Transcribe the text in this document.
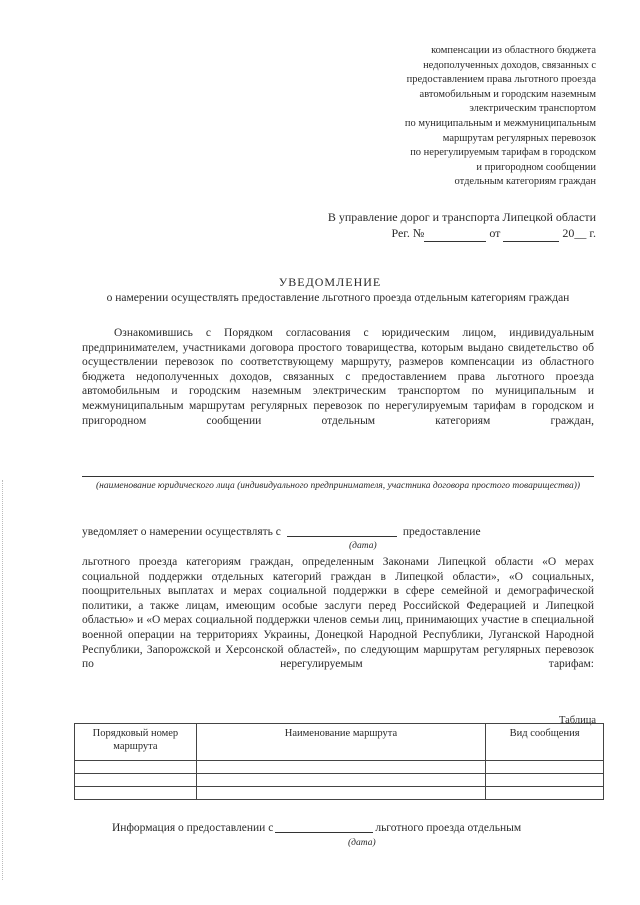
компенсации из областного бюджета
недополученных доходов, связанных с
предоставлением права льготного проезда
автомобильным и городским наземным
электрическим транспортом
по муниципальным и межмуниципальным
маршрутам регулярных перевозок
по нерегулируемым тарифам в городском
и пригородном сообщении
отдельным категориям граждан
В управление дорог и транспорта Липецкой области
Рег. №	от	20__ г.
УВЕДОМЛЕНИЕ
о намерении осуществлять предоставление льготного проезда отдельным категориям граждан
Ознакомившись с Порядком согласования с юридическим лицом, индивидуальным предпринимателем, участниками договора простого товарищества, которым выдано свидетельство об осуществлении перевозок по соответствующему маршруту, размеров компенсации из областного бюджета недополученных доходов, связанных с предоставлением права льготного проезда автомобильным и городским наземным электрическим транспортом по муниципальным и межмуниципальным маршрутам регулярных перевозок по нерегулируемым тарифам в городском и пригородном сообщении отдельным категориям граждан,
(наименование юридического лица (индивидуального предпринимателя, участника договора простого товарищества))
уведомляет о намерении осуществлять с	предоставление
(дата)
льготного проезда категориям граждан, определенным Законами Липецкой области «О мерах социальной поддержки отдельных категорий граждан в Липецкой области», «О социальных, поощрительных выплатах и мерах социальной поддержки в сфере семейной и демографической политики, а также лицам, имеющим особые заслуги перед Российской Федерацией и Липецкой областью» и «О мерах социальной поддержки членов семьи лиц, принимающих участие в специальной военной операции на территориях Украины, Донецкой Народной Республики, Луганской Народной Республики, Запорожской и Херсонской областей», по следующим маршрутам регулярных перевозок по нерегулируемым тарифам:
Таблица
Порядковый номер маршрута	Наименование маршрута	Вид сообщения

Информация о предоставлении с	льготного проезда отдельным
(дата)
